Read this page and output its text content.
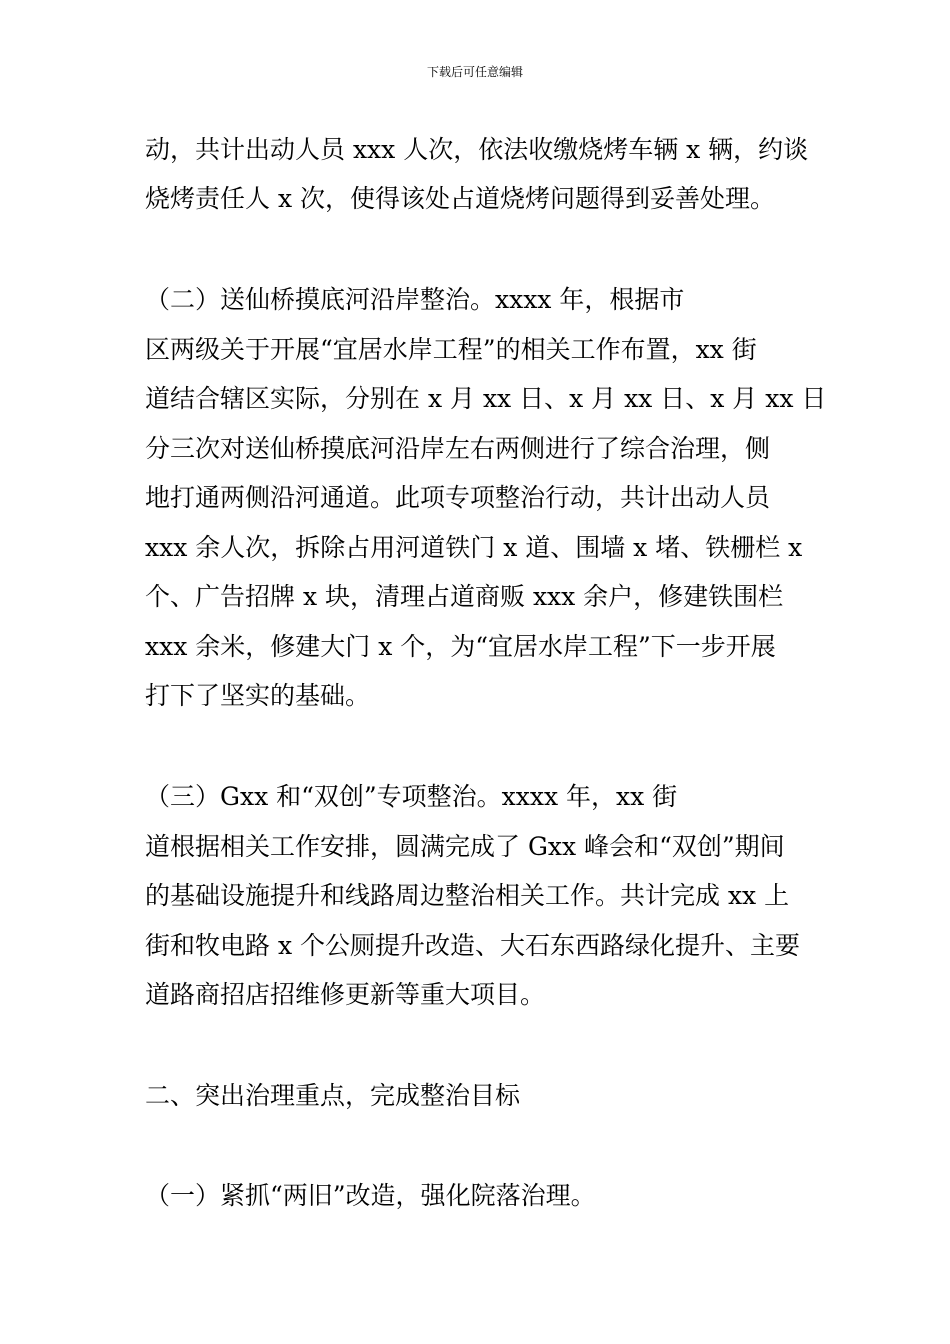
下载后可任意编辑

动，共计出动人员 xxx 人次，依法收缴烧烤车辆 x 辆，约谈

烧烤责任人 x 次，使得该处占道烧烤问题得到妥善处理。

（二）送仙桥摸底河沿岸整治。xxxx 年，根据市

区两级关于开展“宜居水岸工程”的相关工作布置，xx 街

道结合辖区实际，分别在 x 月 xx 日、x 月 xx 日、x 月 xx 日

分三次对送仙桥摸底河沿岸左右两侧进行了综合治理，侧

地打通两侧沿河通道。此项专项整治行动，共计出动人员

xxx 余人次，拆除占用河道铁门 x 道、围墙 x 堵、铁栅栏 x

个、广告招牌 x 块，清理占道商贩 xxx 余户，修建铁围栏

xxx 余米，修建大门 x 个，为“宜居水岸工程”下一步开展

打下了坚实的基础。

（三）Gxx 和“双创”专项整治。xxxx 年，xx 街

道根据相关工作安排，圆满完成了 Gxx 峰会和“双创”期间

的基础设施提升和线路周边整治相关工作。共计完成 xx 上

街和牧电路 x 个公厕提升改造、大石东西路绿化提升、主要

道路商招店招维修更新等重大项目。

二、突出治理重点，完成整治目标

（一）紧抓“两旧”改造，强化院落治理。
